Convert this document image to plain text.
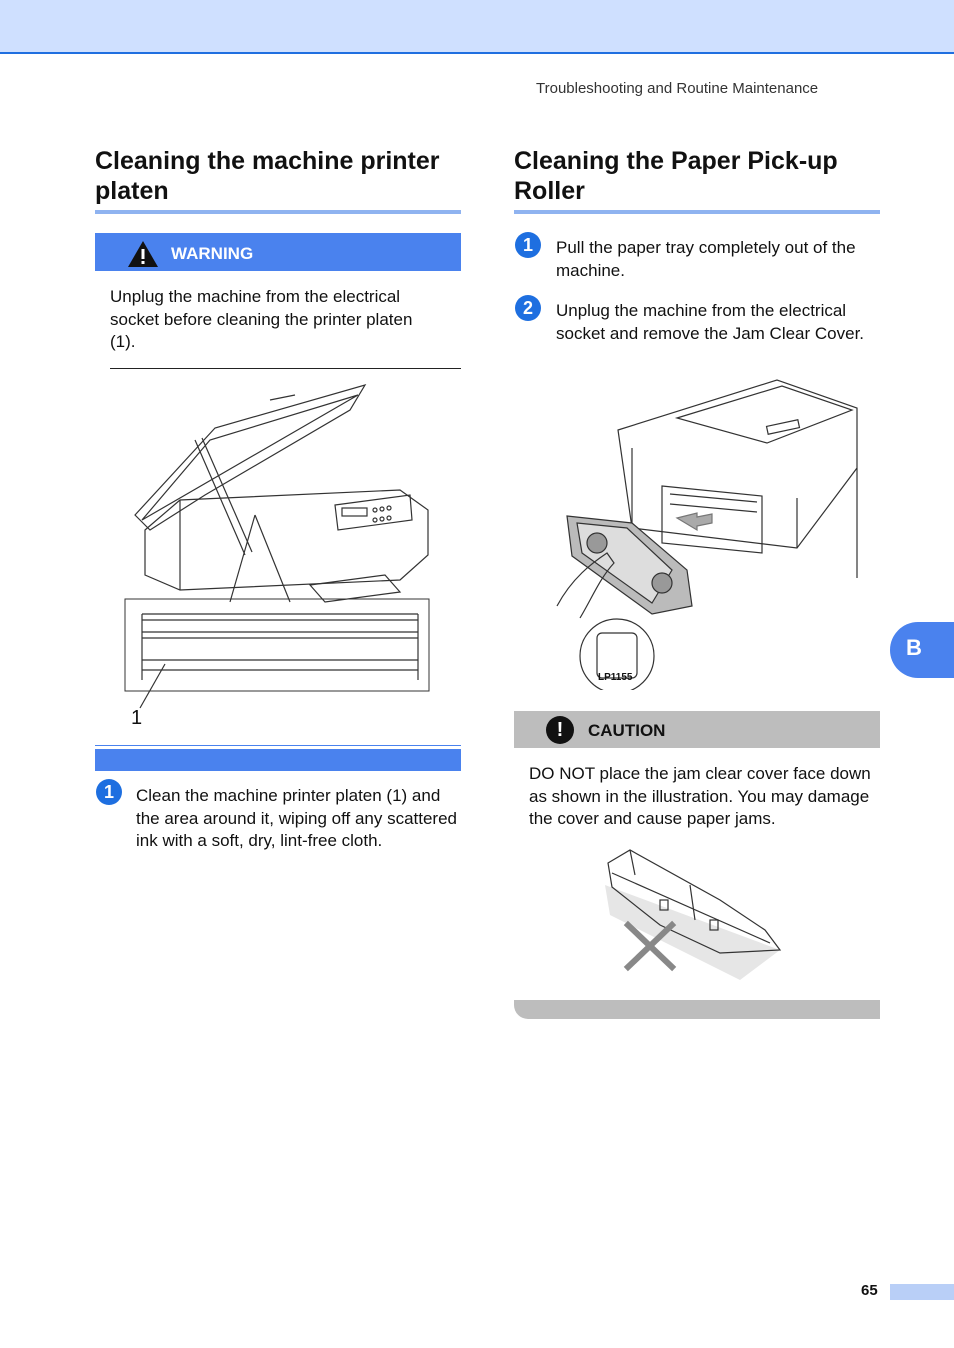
Troubleshooting and Routine Maintenance
Cleaning the machine printer platen
WARNING
Unplug the machine from the electrical socket before cleaning the printer platen (1).
1
1	Clean the machine printer platen (1) and the area around it, wiping off any scattered ink with a soft, dry, lint-free cloth.
Cleaning the Paper Pick-up Roller
1	Pull the paper tray completely out of the machine.
2	Unplug the machine from the electrical socket and remove the Jam Clear Cover.
LP1155
!	CAUTION
DO NOT place the jam clear cover face down as shown in the illustration. You may damage the cover and cause paper jams.
B
65
